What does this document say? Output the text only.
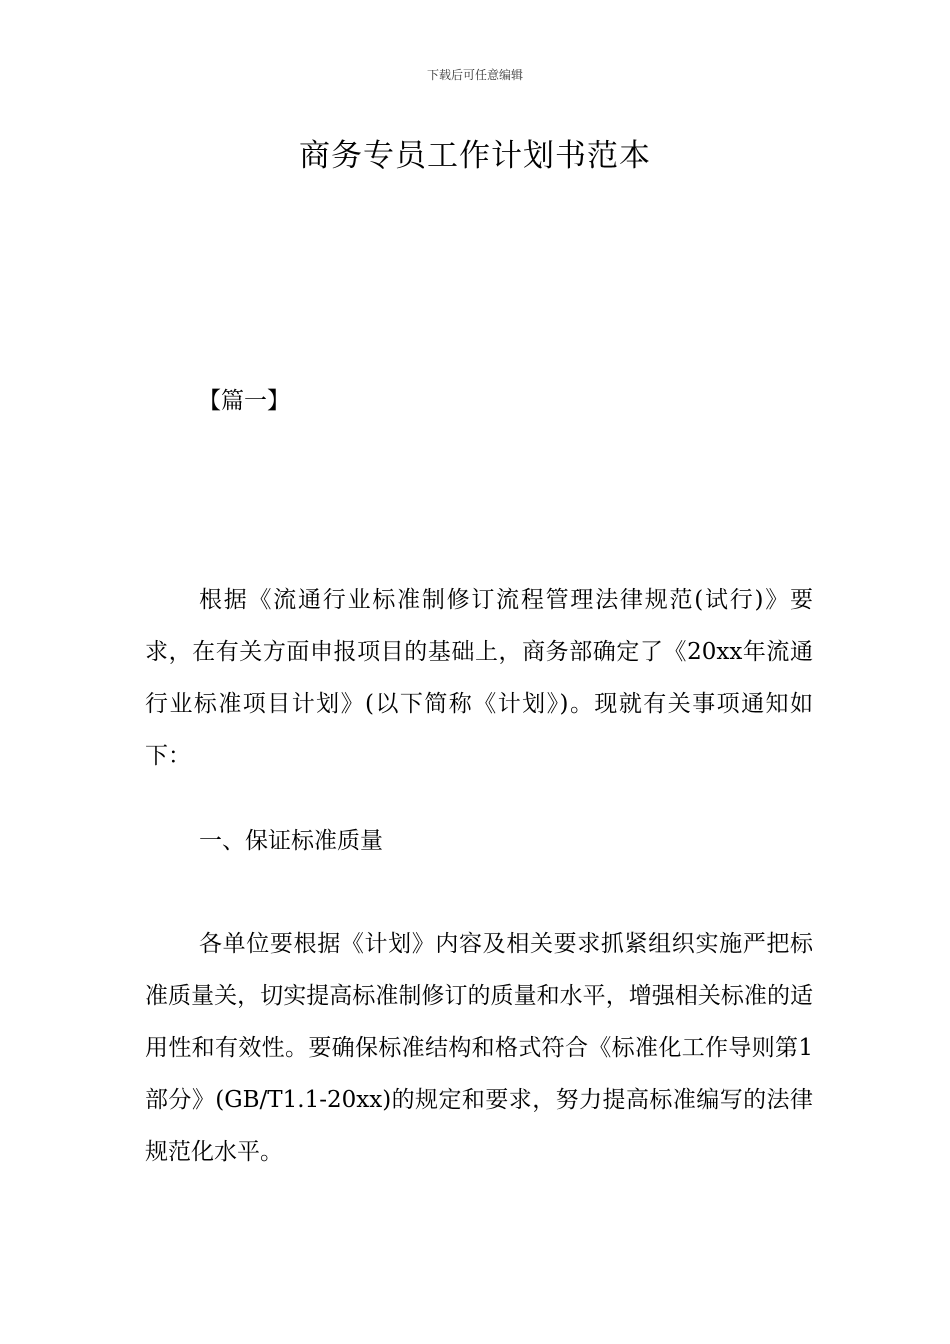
下载后可任意编辑
商务专员工作计划书范本
【篇一】

根据《流通行业标准制修订流程管理法律规范(试行)》要求，在有关方面申报项目的基础上，商务部确定了《20xx年流通行业标准项目计划》(以下简称《计划》)。现就有关事项通知如下：

一、保证标准质量

各单位要根据《计划》内容及相关要求抓紧组织实施严把标准质量关，切实提高标准制修订的质量和水平，增强相关标准的适用性和有效性。要确保标准结构和格式符合《标准化工作导则第1部分》(GB/T1.1-20xx)的规定和要求，努力提高标准编写的法律规范化水平。
